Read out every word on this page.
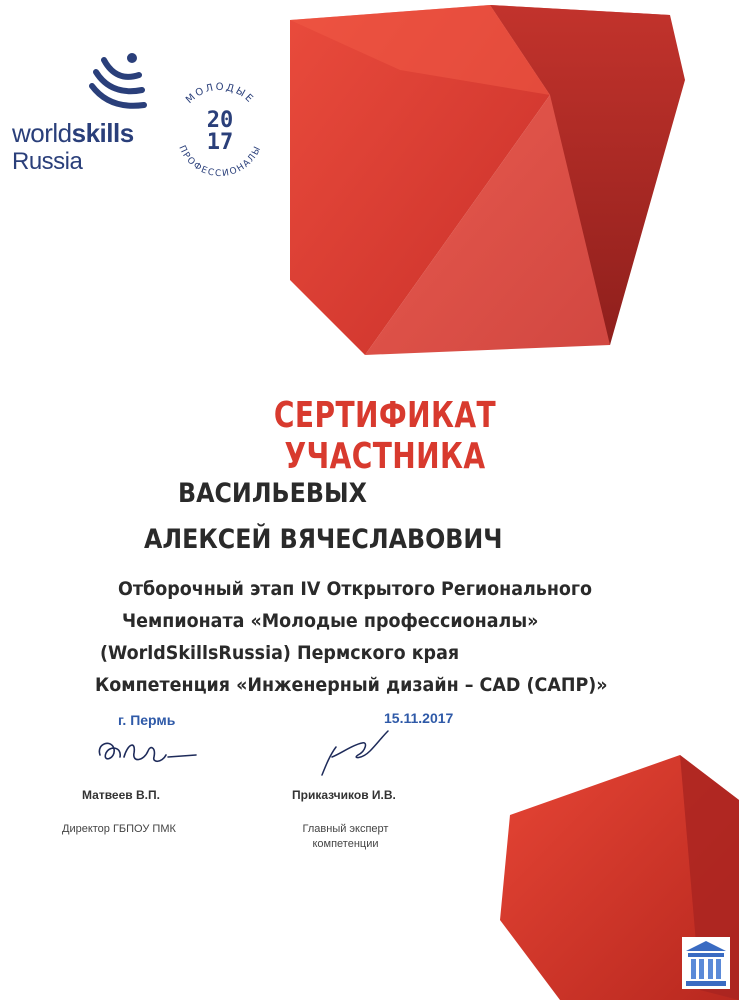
worldskills
Russia
МОЛОДЫЕ
ПРОФЕССИОНАЛЫ
20
17
СЕРТИФИКАТ УЧАСТНИКА
ВАСИЛЬЕВЫХ
АЛЕКСЕЙ ВЯЧЕСЛАВОВИЧ
Отборочный этап IV Открытого Регионального
Чемпионата «Молодые профессионалы»
(WorldSkillsRussia) Пермского края
Компетенция «Инженерный дизайн – CAD (САПР)»
г. Пермь	15.11.2017
Матвеев В.П.	Приказчиков И.В.
Директор ГБПОУ ПМК	Главный эксперт
компетенции
